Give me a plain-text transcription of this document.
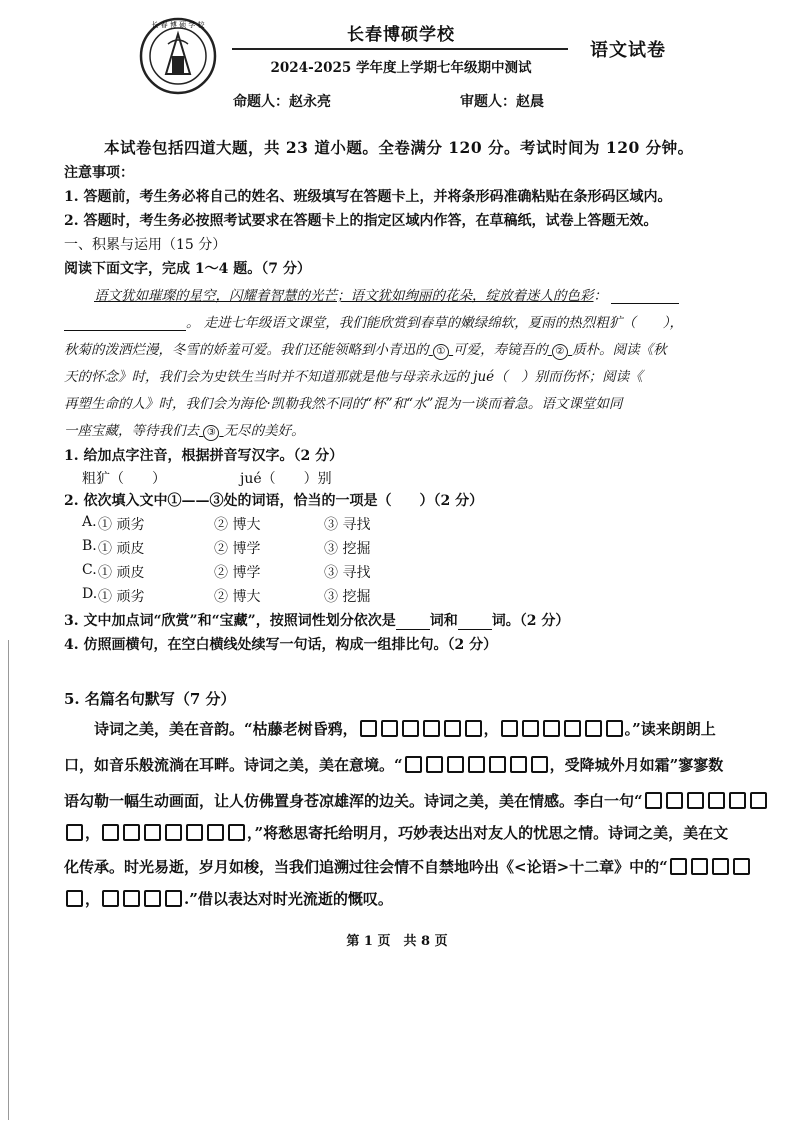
长 春 博 硕 学 校	长春博硕学校
2024-2025 学年度上学期七年级期中测试
语文试卷
命题人：赵永亮	审题人：赵晨
本试卷包括四道大题，共 23 道小题。全卷满分 120 分。考试时间为 120 分钟。
注意事项：
1. 答题前，考生务必将自己的姓名、班级填写在答题卡上，并将条形码准确粘贴在条形码区域内。
2. 答题时，考生务必按照考试要求在答题卡上的指定区域内作答，在草稿纸，试卷上答题无效。
一、积累与运用（15 分）
阅读下面文字，完成 1～4 题。（7 分）
语文犹如璀璨的星空，闪耀着智慧的光芒；语文犹如绚丽的花朵，绽放着迷人的色彩：
。 走进七年级语文课堂，我们能欣赏到春草的嫩绿绵软，夏雨的热烈粗犷（　　 ），
秋菊的泼洒烂漫，冬雪的娇羞可爱。我们还能领略到小青迅的 ① 可爱，寿镜吾的 ② 质朴。阅读《秋
天的怀念》时，我们会为史铁生当时并不知道那就是他与母亲永远的 jué（　）别而伤怀；阅读《
再塑生命的人》时，我们会为海伦·凯勒我然不同的“杯”和“水”混为一谈而着急。语文课堂如同
一座宝藏，等待我们去 ③ 无尽的美好。
1. 给加点字注音，根据拼音写汉字。（2 分）
粗犷（　　）	jué（　　）别
2. 依次填入文中①——③处的词语，恰当的一项是（　　）（2 分）
A. ① 顽劣	② 博大	③ 寻找
B. ① 顽皮	② 博学	③ 挖掘
C. ① 顽皮	② 博学	③ 寻找
D. ① 顽劣	② 博大	③ 挖掘
3. 文中加点词“欣赏”和“宝藏”，按照词性划分依次是 词和 词。（2 分）
4. 仿照画横句，在空白横线处续写一句话，构成一组排比句。（2 分）
5. 名篇名句默写（7 分）
诗词之美，美在音韵。“枯藤老树昏鸦，	，	。”读来朗朗上
口，如音乐般流淌在耳畔。诗词之美，美在意境。“	，受降城外月如霜”寥寥数
语勾勒一幅生动画面，让人仿佛置身苍凉雄浑的边关。诗词之美，美在情感。李白一句“
，	，”将愁思寄托给明月，巧妙表达出对友人的忧思之情。诗词之美，美在文
化传承。时光易逝，岁月如梭，当我们追溯过往会情不自禁地吟出《<论语>十二章》中的“
，	.”借以表达对时光流逝的慨叹。
第 1 页　共 8 页
